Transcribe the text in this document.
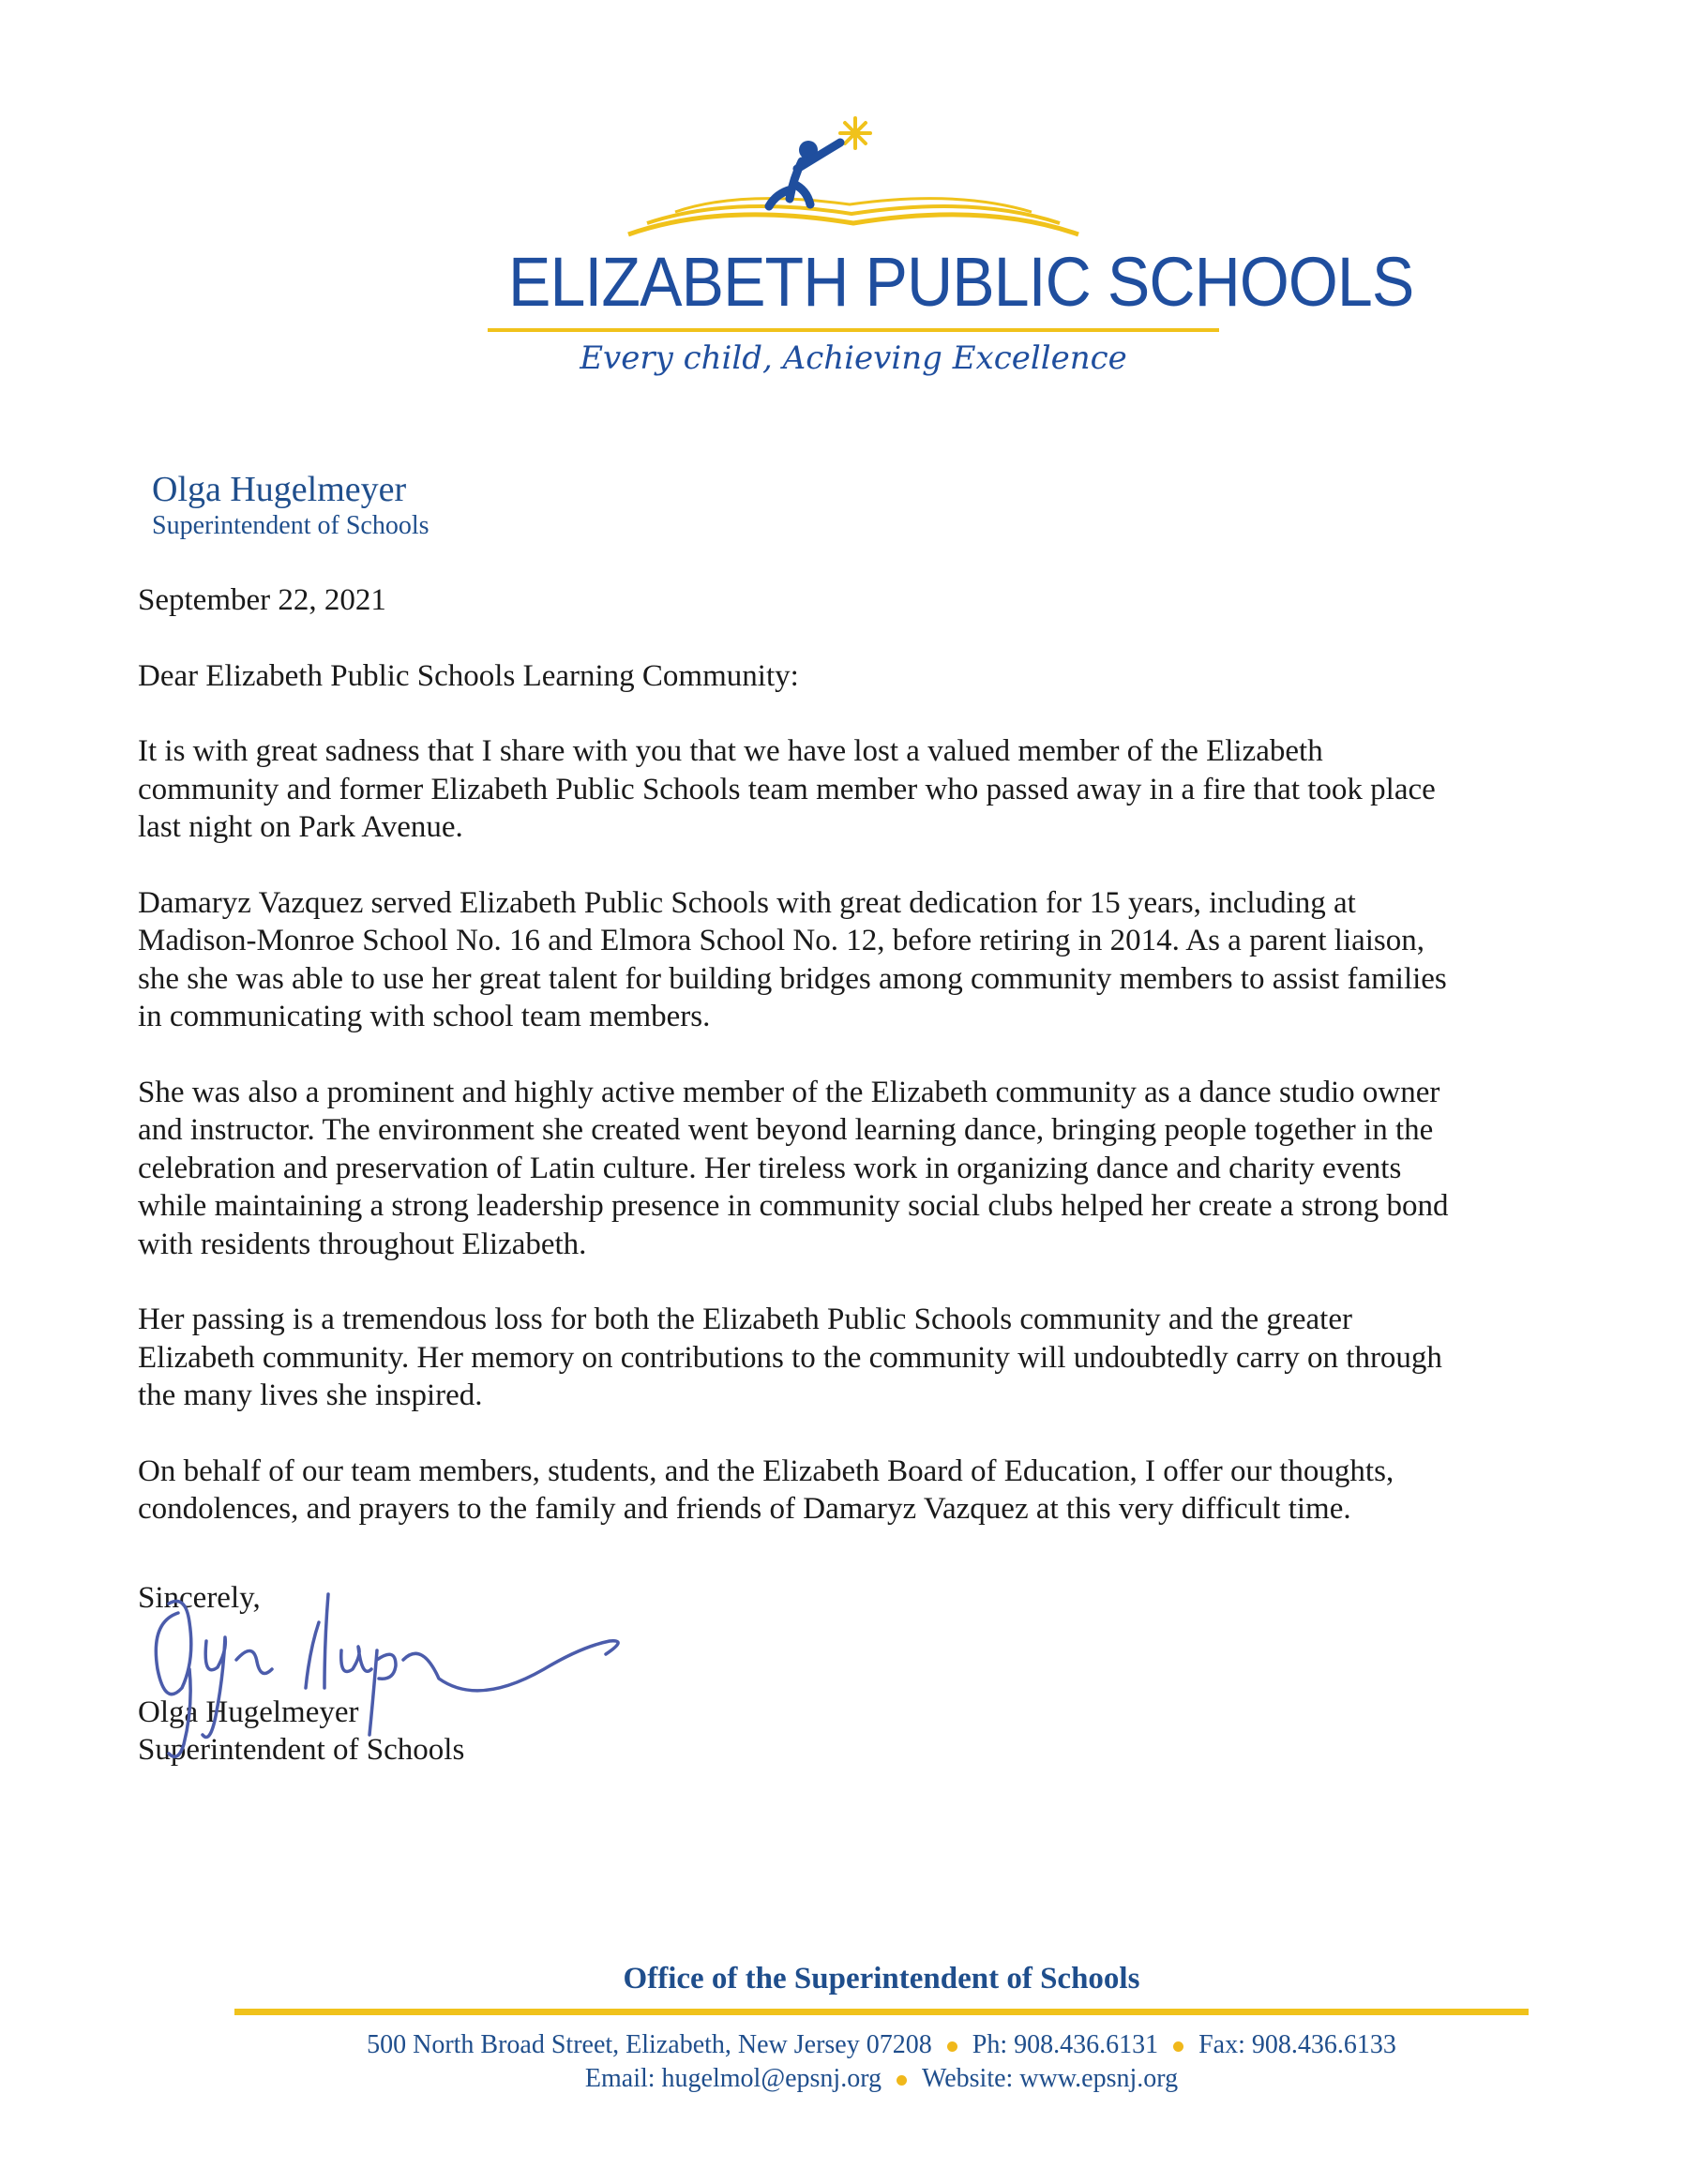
ELIZABETH PUBLIC SCHOOLS
Every child, Achieving Excellence
Olga Hugelmeyer
Superintendent of Schools

September 22, 2021

Dear Elizabeth Public Schools Learning Community:

It is with great sadness that I share with you that we have lost a valued member of the Elizabeth
community and former Elizabeth Public Schools team member who passed away in a fire that took place
last night on Park Avenue.

Damaryz Vazquez served Elizabeth Public Schools with great dedication for 15 years, including at
Madison-Monroe School No. 16 and Elmora School No. 12, before retiring in 2014. As a parent liaison,
she she was able to use her great talent for building bridges among community members to assist families
in communicating with school team members.

She was also a prominent and highly active member of the Elizabeth community as a dance studio owner
and instructor. The environment she created went beyond learning dance, bringing people together in the
celebration and preservation of Latin culture. Her tireless work in organizing dance and charity events
while maintaining a strong leadership presence in community social clubs helped her create a strong bond
with residents throughout Elizabeth.

Her passing is a tremendous loss for both the Elizabeth Public Schools community and the greater
Elizabeth community. Her memory on contributions to the community will undoubtedly carry on through
the many lives she inspired.

On behalf of our team members, students, and the Elizabeth Board of Education, I offer our thoughts,
condolences, and prayers to the family and friends of Damaryz Vazquez at this very difficult time.

Sincerely,
Olga Hugelmeyer
Superintendent of Schools
Office of the Superintendent of Schools
500 North Broad Street, Elizabeth, New Jersey 07208 Ph: 908.436.6131 Fax: 908.436.6133
Email: hugelmol@epsnj.org Website: www.epsnj.org
